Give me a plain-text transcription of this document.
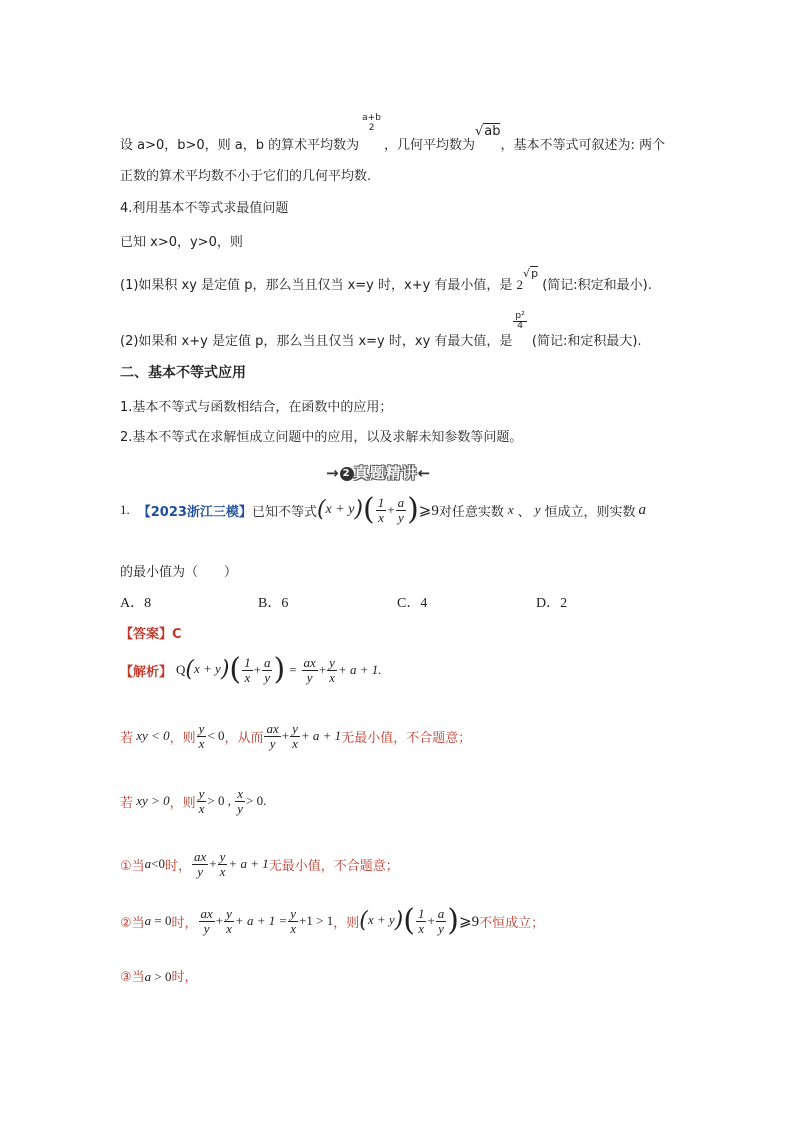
设 a>0，b>0，则 a，b 的算术平均数为
a+b
2
，几何平均数为√ab，基本不等式可叙述为: 两个
正数的算术平均数不小于它们的几何平均数.
4.利用基本不等式求最值问题
已知 x>0，y>0，则
(1)如果积 xy 是定值 p，那么当且仅当 x=y 时，x+y 有最小值，是 2√p (简记:积定和最小).
(2)如果和 x+y 是定值 p，那么当且仅当 x=y 时，xy 有最大值，是
$\frac{\text{p²}}{4}$
(简记:和定积最大).
二、基本不等式应用
1.基本不等式与函数相结合，在函数中的应用；
2.基本不等式在求解恒成立问题中的应用，以及求解未知参数等问题。
→ 2 真题精讲←
1. 【2023浙江三模】 已知不等式 (x + y) ( $\frac{1}{x} + \frac{a}{y}$ ) ⩾9 对任意实数 x 、 y 恒成立，则实数 a
的最小值为（　　）
A．8	B．6	C．4	D．2
【答案】C
【解析】 Q (x + y) ( $\frac{1}{x} + \frac{a}{y}$ ) = $\frac{ax}{y} + \frac{y}{x} + a + 1$.
若 xy < 0 ，则 $\frac{y}{x} < 0$ ，从而 $\frac{ax}{y} + \frac{y}{x} + a + 1$ 无最小值，不合题意；
若 xy > 0 ，则 $\frac{y}{x} > 0$ , $\frac{x}{y} > 0$.
①当 a <0 时， $\frac{ax}{y} + \frac{y}{x} + a + 1$ 无最小值，不合题意；
②当 a = 0 时， $\frac{ax}{y} + \frac{y}{x} + a + 1 = \frac{y}{x} +1 > 1$ ，则 (x + y) ( $\frac{1}{x} + \frac{a}{y}$ ) ⩾9 不恒成立；
③当a > 0时，
